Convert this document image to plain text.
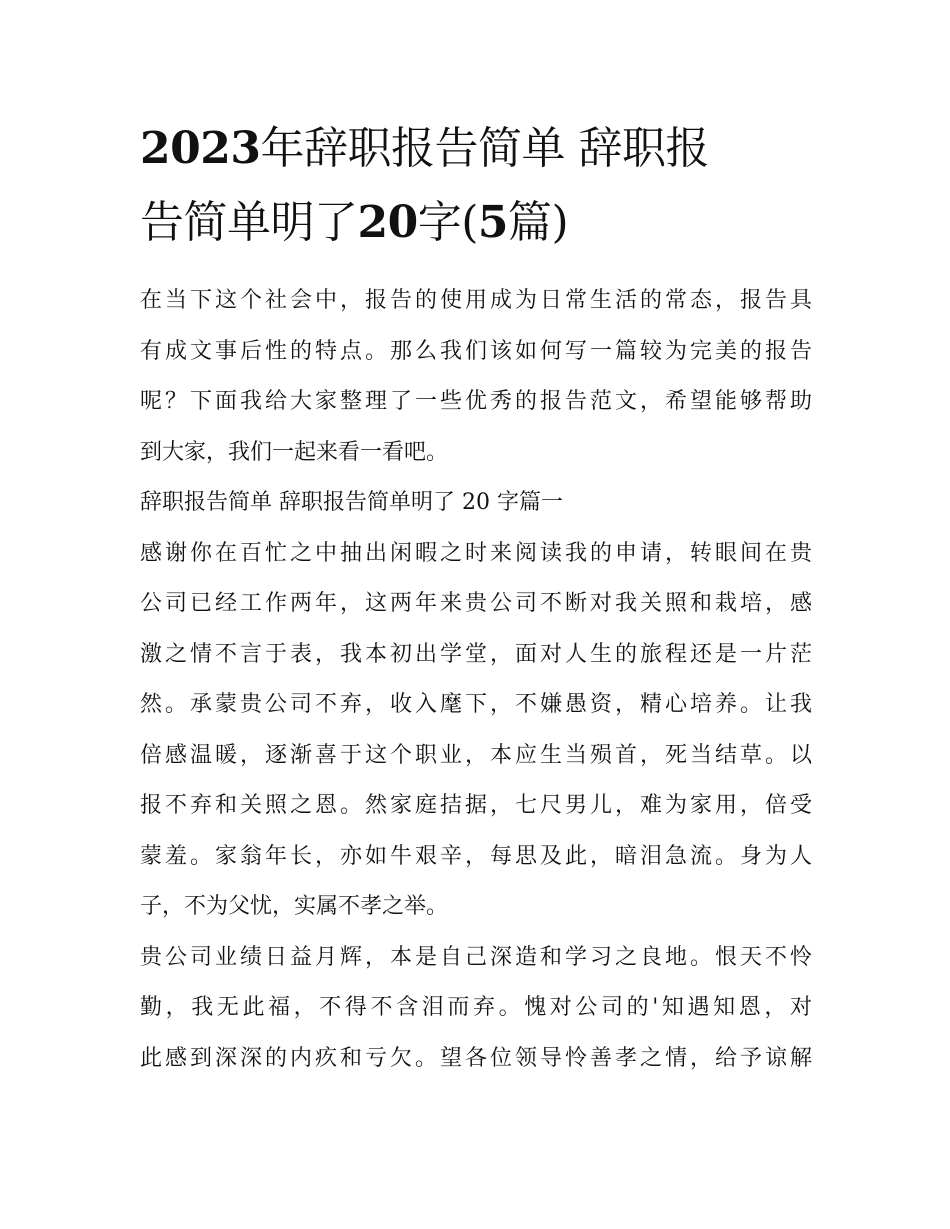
2023年辞职报告简单 辞职报
告简单明了20字(5篇)
在当下这个社会中，报告的使用成为日常生活的常态，报告具
有成文事后性的特点。那么我们该如何写一篇较为完美的报告
呢？下面我给大家整理了一些优秀的报告范文，希望能够帮助
到大家，我们一起来看一看吧。
辞职报告简单 辞职报告简单明了 20 字篇一
感谢你在百忙之中抽出闲暇之时来阅读我的申请，转眼间在贵
公司已经工作两年，这两年来贵公司不断对我关照和栽培，感
激之情不言于表，我本初出学堂，面对人生的旅程还是一片茫
然。承蒙贵公司不弃，收入麾下，不嫌愚资，精心培养。让我
倍感温暖，逐渐喜于这个职业，本应生当殒首，死当结草。以
报不弃和关照之恩。然家庭拮据，七尺男儿，难为家用，倍受
蒙羞。家翁年长，亦如牛艰辛，每思及此，暗泪急流。身为人
子，不为父忧，实属不孝之举。
贵公司业绩日益月辉，本是自己深造和学习之良地。恨天不怜
勤，我无此福，不得不含泪而弃。愧对公司的'知遇知恩，对
此感到深深的内疚和亏欠。望各位领导怜善孝之情，给予谅解
